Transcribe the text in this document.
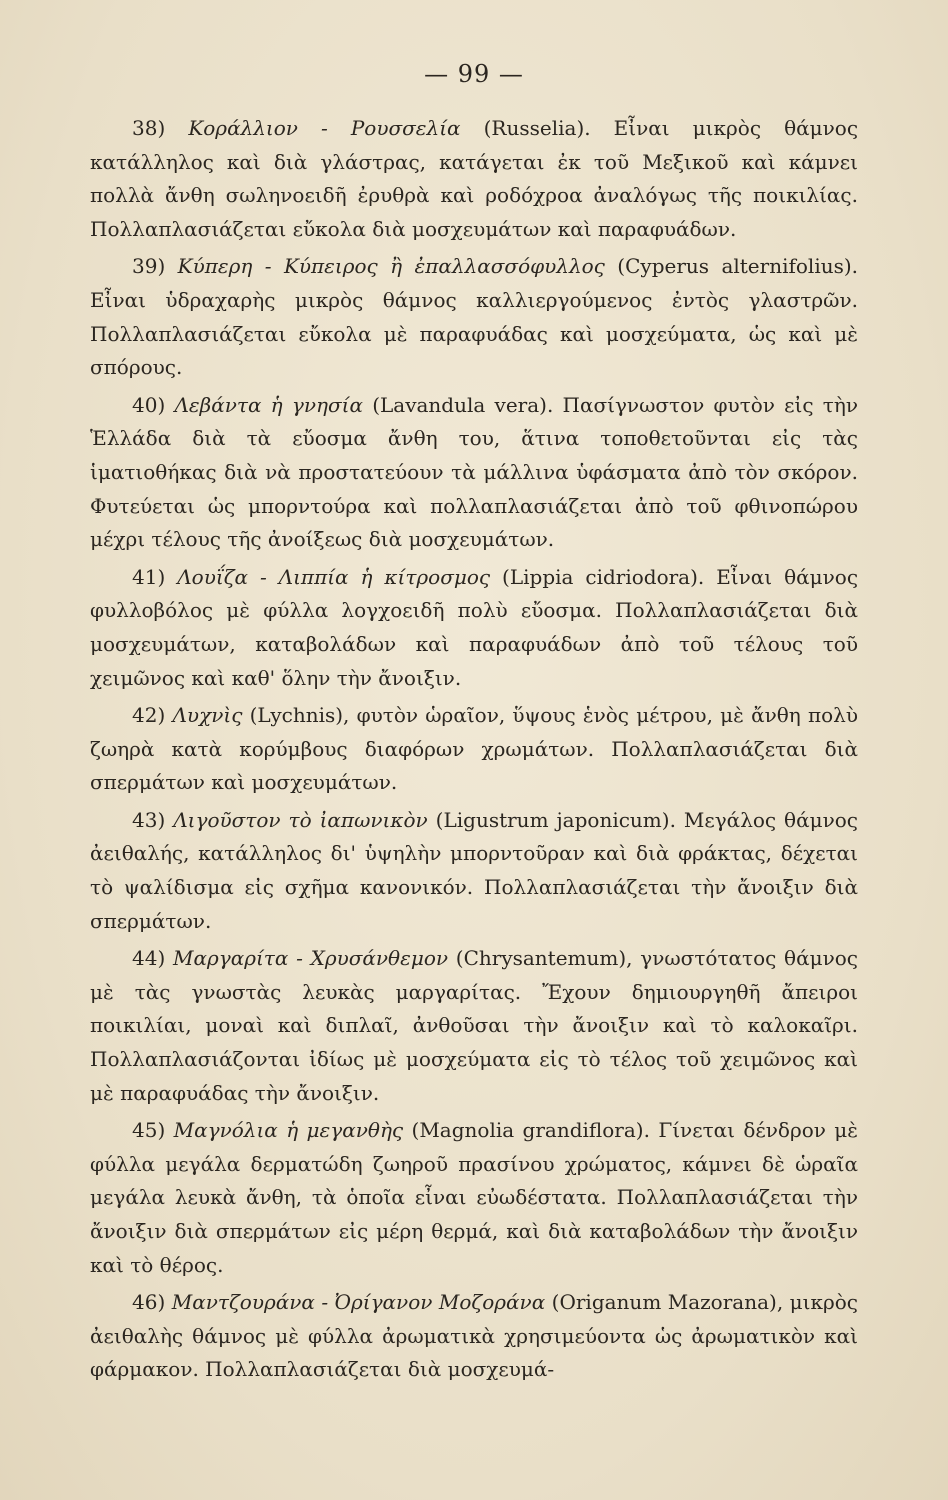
— 99 —

38) Κοράλλιον - Ρουσσελία (Russelia). Εἶναι μικρὸς θάμνος κατάλληλος καὶ διὰ γλάστρας, κατάγεται ἐκ τοῦ Μεξικοῦ καὶ κάμνει πολλὰ ἄνθη σωληνοειδῆ ἐρυθρὰ καὶ ροδόχροα ἀναλόγως τῆς ποικιλίας. Πολλαπλασιάζεται εὔκολα διὰ μοσχευμάτων καὶ παραφυάδων.

39) Κύπερη - Κύπειρος ἢ ἐπαλλασσόφυλλος (Cyperus alternifolius). Εἶναι ὑδραχαρὴς μικρὸς θάμνος καλλιεργούμενος ἐντὸς γλαστρῶν. Πολλαπλασιάζεται εὔκολα μὲ παραφυάδας καὶ μοσχεύματα, ὡς καὶ μὲ σπόρους.

40) Λεβάντα ἡ γνησία (Lavandula vera). Πασίγνωστον φυτὸν εἰς τὴν Ἑλλάδα διὰ τὰ εὔοσμα ἄνθη του, ἅτινα τοποθετοῦνται εἰς τὰς ἱματιοθήκας διὰ νὰ προστατεύουν τὰ μάλλινα ὑφάσματα ἀπὸ τὸν σκόρον. Φυτεύεται ὡς μπορντούρα καὶ πολλαπλασιάζεται ἀπὸ τοῦ φθινοπώρου μέχρι τέλους τῆς ἀνοίξεως διὰ μοσχευμάτων.

41) Λουΐζα - Λιππία ἡ κίτροσμος (Lippia cidriodora). Εἶναι θάμνος φυλλοβόλος μὲ φύλλα λογχοειδῆ πολὺ εὔοσμα. Πολλαπλασιάζεται διὰ μοσχευμάτων, καταβολάδων καὶ παραφυάδων ἀπὸ τοῦ τέλους τοῦ χειμῶνος καὶ καθ' ὅλην τὴν ἄνοιξιν.

42) Λυχνὶς (Lychnis), φυτὸν ὡραῖον, ὕψους ἑνὸς μέτρου, μὲ ἄνθη πολὺ ζωηρὰ κατὰ κορύμβους διαφόρων χρωμάτων. Πολλαπλασιάζεται διὰ σπερμάτων καὶ μοσχευμάτων.

43) Λιγοῦστον τὸ ἰαπωνικὸν (Ligustrum japonicum). Μεγάλος θάμνος ἀειθαλής, κατάλληλος δι' ὑψηλὴν μπορντοῦραν καὶ διὰ φράκτας, δέχεται τὸ ψαλίδισμα εἰς σχῆμα κανονικόν. Πολλαπλασιάζεται τὴν ἄνοιξιν διὰ σπερμάτων.

44) Μαργαρίτα - Χρυσάνθεμον (Chrysantemum), γνωστότατος θάμνος μὲ τὰς γνωστὰς λευκὰς μαργαρίτας. Ἔχουν δημιουργηθῆ ἄπειροι ποικιλίαι, μοναὶ καὶ διπλαῖ, ἀνθοῦσαι τὴν ἄνοιξιν καὶ τὸ καλοκαῖρι. Πολλαπλασιάζονται ἰδίως μὲ μοσχεύματα εἰς τὸ τέλος τοῦ χειμῶνος καὶ μὲ παραφυάδας τὴν ἄνοιξιν.

45) Μαγνόλια ἡ μεγανθὴς (Magnolia grandiflora). Γίνεται δένδρον μὲ φύλλα μεγάλα δερματώδη ζωηροῦ πρασίνου χρώματος, κάμνει δὲ ὡραῖα μεγάλα λευκὰ ἄνθη, τὰ ὁποῖα εἶναι εὐωδέστατα. Πολλαπλασιάζεται τὴν ἄνοιξιν διὰ σπερμάτων εἰς μέρη θερμά, καὶ διὰ καταβολάδων τὴν ἄνοιξιν καὶ τὸ θέρος.

46) Μαντζουράνα - Ὀρίγανον Μοζοράνα (Origanum Mazorana), μικρὸς ἀειθαλὴς θάμνος μὲ φύλλα ἀρωματικὰ χρησιμεύοντα ὡς ἀρωματικὸν καὶ φάρμακον. Πολλαπλασιάζεται διὰ μοσχευμά-
